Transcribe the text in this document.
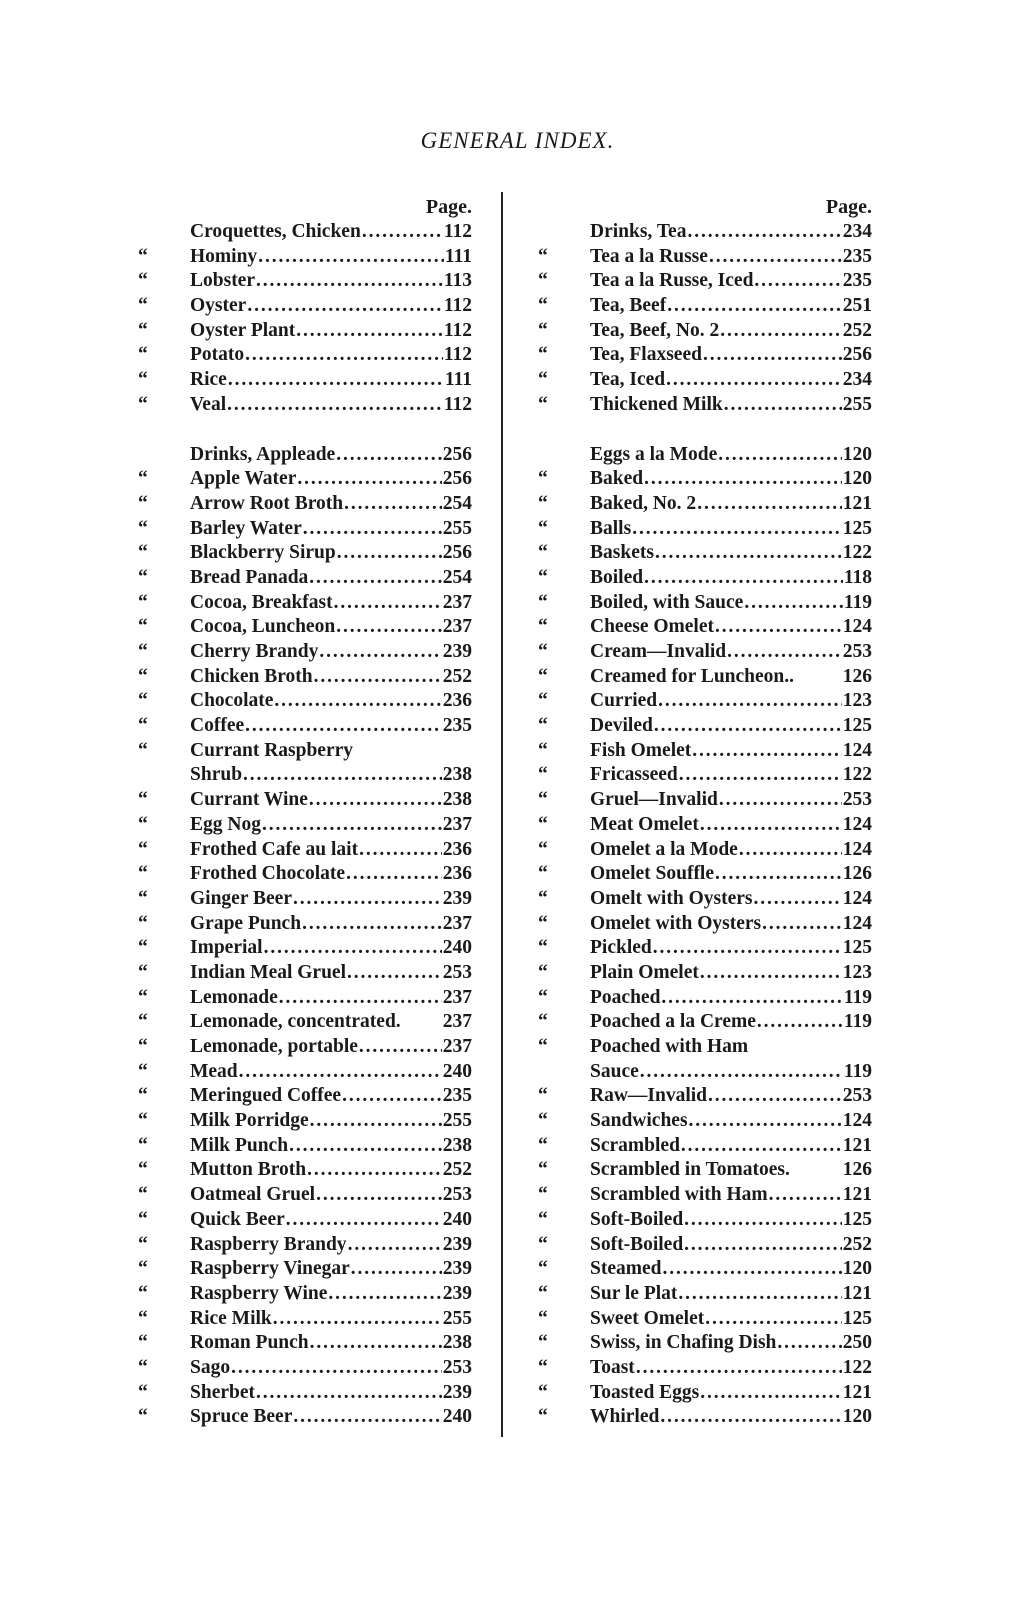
GENERAL INDEX.
Page.
Croquettes, Chicken . . .	112
“	Hominy . . .	111
“	Lobster . . .	113
“	Oyster . . .	112
“	Oyster Plant . . .	112
“	Potato . . .	112
“	Rice . . .	111
“	Veal . . .	112
Drinks, Appleade . . .	256
“	Apple Water . . .	256
“	Arrow Root Broth . . .	254
“	Barley Water . . .	255
“	Blackberry Sirup . . .	256
“	Bread Panada . . .	254
“	Cocoa, Breakfast . . .	237
“	Cocoa, Luncheon . . .	237
“	Cherry Brandy . . .	239
“	Chicken Broth . . .	252
“	Chocolate . . .	236
“	Coffee . . .	235
“	Currant Raspberry
Shrub . . .	238
“	Currant Wine . . .	238
“	Egg Nog . . .	237
“	Frothed Cafe au lait . . .	236
“	Frothed Chocolate . . .	236
“	Ginger Beer . . .	239
“	Grape Punch . . .	237
“	Imperial . . .	240
“	Indian Meal Gruel . . .	253
“	Lemonade . . .	237
“	Lemonade, concentrated. 237
“	Lemonade, portable . . .	237
“	Mead . . .	240
“	Meringued Coffee . . .	235
“	Milk Porridge . . .	255
“	Milk Punch . . .	238
“	Mutton Broth . . .	252
“	Oatmeal Gruel . . .	253
“	Quick Beer . . .	240
“	Raspberry Brandy . . .	239
“	Raspberry Vinegar . . .	239
“	Raspberry Wine . . .	239
“	Rice Milk . . .	255
“	Roman Punch . . .	238
“	Sago . . .	253
“	Sherbet . . .	239
“	Spruce Beer . . .	240
Page.
Drinks, Tea . . .	234
“	Tea a la Russe . . .	235
“	Tea a la Russe, Iced . . .	235
“	Tea, Beef . . .	251
“	Tea, Beef, No. 2 . . .	252
“	Tea, Flaxseed . . .	256
“	Tea, Iced . . .	234
“	Thickened Milk . . .	255
Eggs a la Mode . . .	120
“	Baked . . .	120
“	Baked, No. 2 . . .	121
“	Balls . . .	125
“	Baskets . . .	122
“	Boiled . . .	118
“	Boiled, with Sauce . . .	119
“	Cheese Omelet . . .	124
“	Cream—Invalid . . .	253
“	Creamed for Luncheon.. 126
“	Curried . . .	123
“	Deviled . . .	125
“	Fish Omelet . . .	124
“	Fricasseed . . .	122
“	Gruel—Invalid . . .	253
“	Meat Omelet . . .	124
“	Omelet a la Mode . . .	124
“	Omelet Souffle . . .	126
“	Omelt with Oysters . . .	124
“	Omelet with Oysters . . .	124
“	Pickled . . .	125
“	Plain Omelet . . .	123
“	Poached . . .	119
“	Poached a la Creme . . .	119
“	Poached with Ham
Sauce . . .	119
“	Raw—Invalid . . .	253
“	Sandwiches . . .	124
“	Scrambled . . .	121
“	Scrambled in Tomatoes.	126
“	Scrambled with Ham . . .	121
“	Soft-Boiled . . .	125
“	Soft-Boiled . . .	252
“	Steamed . . .	120
“	Sur le Plat . . .	121
“	Sweet Omelet . . .	125
“	Swiss, in Chafing Dish . . .	250
“	Toast . . .	122
“	Toasted Eggs . . .	121
“	Whirled . . .	120
